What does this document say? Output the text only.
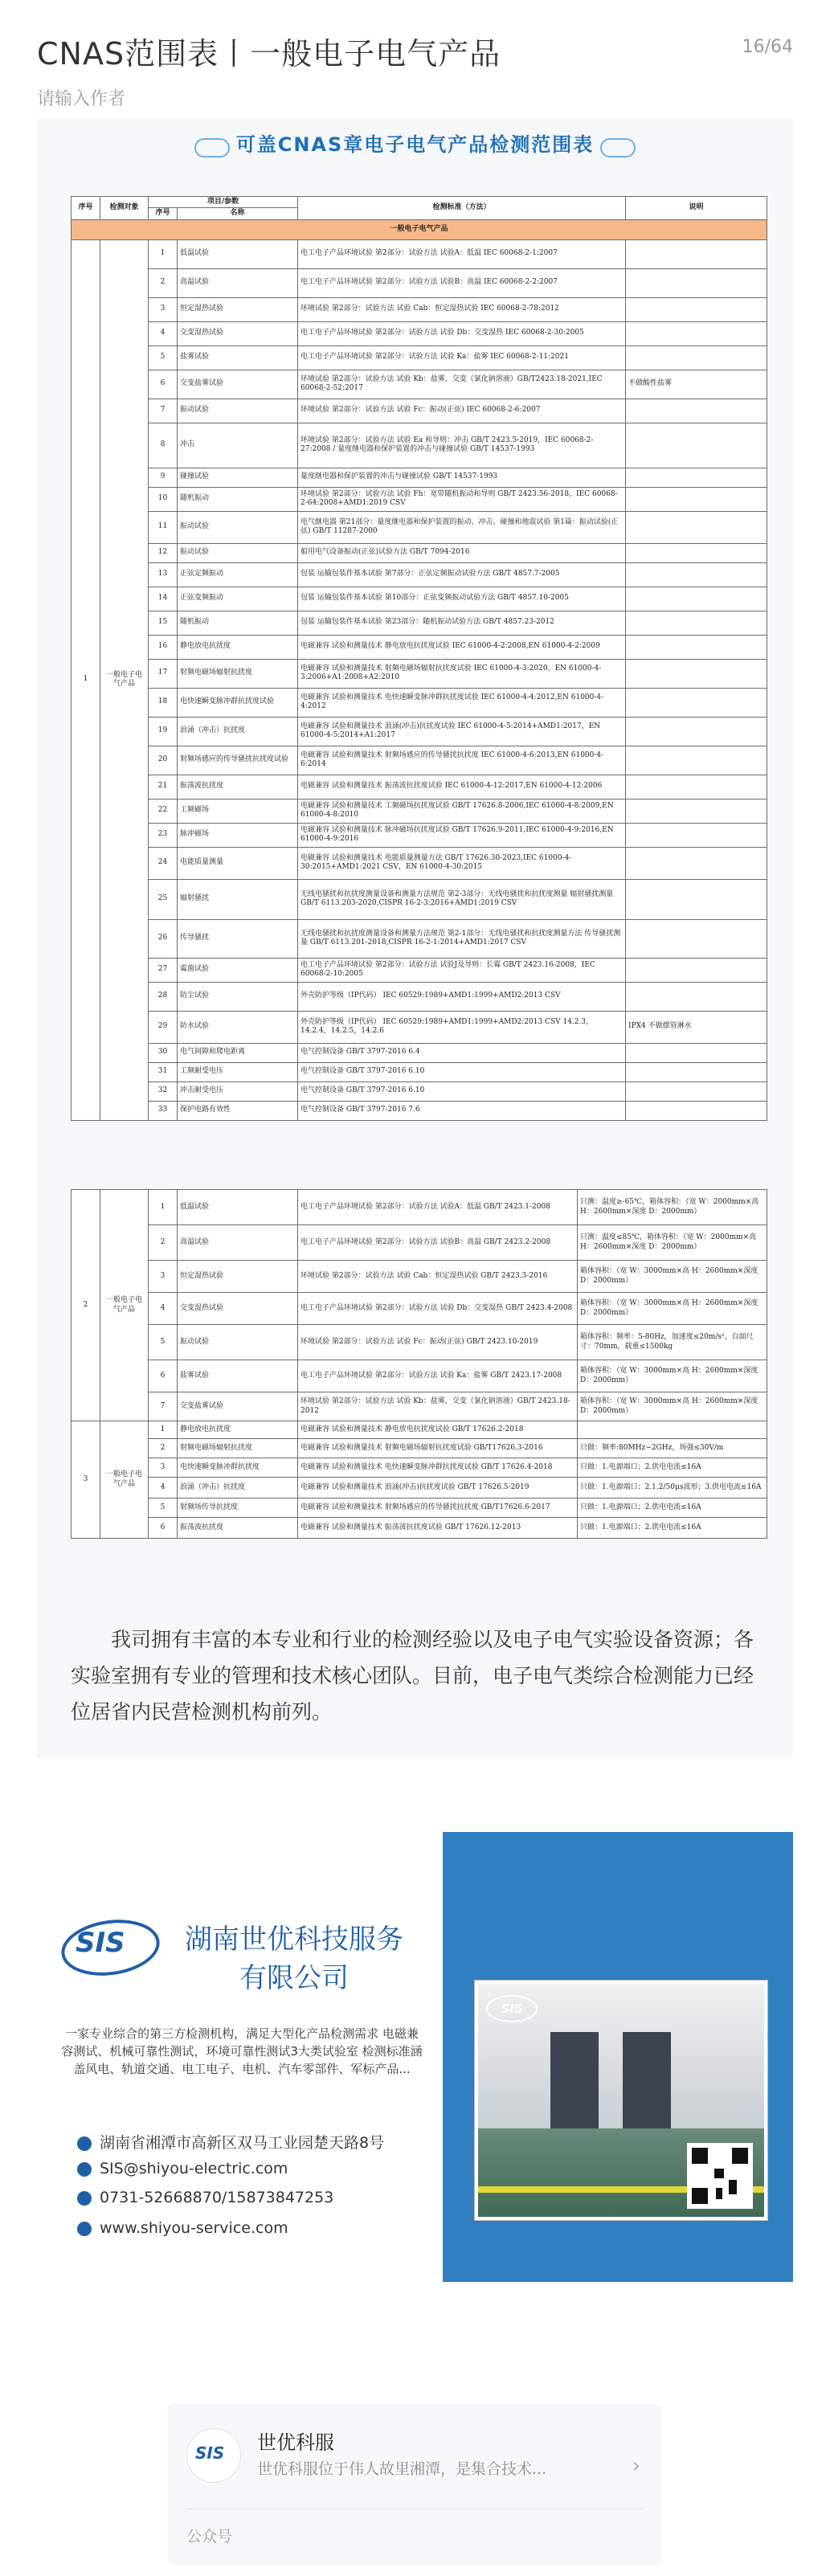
CNAS范围表丨一般电子电气产品	16/64
请输入作者
可盖CNAS章电子电气产品检测范围表
序号	检测对象	项目/参数		检测标准（方法）	说明
		序号	名称		
一般电子电气产品					
1	一般电子电气产品	1	低温试验	电工电子产品环境试验 第2部分：试验方法 试验A：低温 IEC 60068-2-1:2007	
		2	高温试验	电工电子产品环境试验 第2部分：试验方法 试验B：高温 IEC 60068-2-2:2007	
		3	恒定湿热试验	环境试验 第2部分：试验方法 试验 Cab：恒定湿热试验 IEC 60068-2-78:2012	
		4	交变湿热试验	电工电子产品环境试验 第2部分：试验方法 试验 Db：交变湿热 IEC 60068-2-30:2005	
		5	盐雾试验	电工电子产品环境试验 第2部分：试验方法 试验 Ka：盐雾 IEC 60068-2-11:2021	
		6	交变盐雾试验	环境试验 第2部分：试验方法 试验 Kb：盐雾，交变（氯化钠溶液）GB/T2423.18-2021,IEC 60068-2-52:2017	不做酸性盐雾
		7	振动试验	环境试验 第2部分：试验方法 试验 Fc：振动(正弦) IEC 60068-2-6:2007	
		8	冲击	环境试验 第2部分：试验方法 试验 Ea 和导则：冲击 GB/T 2423.5-2019，IEC 60068-2-27:2008 / 量度继电器和保护装置的冲击与碰撞试验 GB/T 14537-1993	
		9	碰撞试验	量度继电器和保护装置的冲击与碰撞试验 GB/T 14537-1993	
		10	随机振动	环境试验 第2部分：试验方法 试验 Fh：宽带随机振动和导则 GB/T 2423.56-2018，IEC 60068-2-64:2008+AMD1:2019 CSV	
		11	振动试验	电气继电器 第21部分：量度继电器和保护装置的振动、冲击、碰撞和地震试验 第1篇：振动试验(正弦) GB/T 11287-2000	
		12	振动试验	船用电气设备振动(正弦)试验方法 GB/T 7094-2016	
		13	正弦定频振动	包装 运输包装件基本试验 第7部分：正弦定频振动试验方法 GB/T 4857.7-2005	
		14	正弦变频振动	包装 运输包装件基本试验 第10部分：正弦变频振动试验方法 GB/T 4857.10-2005	
		15	随机振动	包装 运输包装件基本试验 第23部分：随机振动试验方法 GB/T 4857.23-2012	
		16	静电放电抗扰度	电磁兼容 试验和测量技术 静电放电抗扰度试验 IEC 61000-4-2:2008,EN 61000-4-2:2009	
		17	射频电磁场辐射抗扰度	电磁兼容 试验和测量技术 射频电磁场辐射抗扰度试验 IEC 61000-4-3:2020，EN 61000-4-3:2006+A1:2008+A2:2010	
		18	电快速瞬变脉冲群抗扰度试验	电磁兼容 试验和测量技术 电快速瞬变脉冲群抗扰度试验 IEC 61000-4-4:2012,EN 61000-4-4:2012	
		19	浪涌（冲击）抗扰度	电磁兼容 试验和测量技术 浪涌(冲击)抗扰度试验 IEC 61000-4-5:2014+AMD1:2017，EN 61000-4-5:2014+A1:2017	
		20	射频场感应的传导骚扰抗扰度试验	电磁兼容 试验和测量技术 射频场感应的传导骚扰抗扰度 IEC 61000-4-6:2013,EN 61000-4-6:2014	
		21	振荡波抗扰度	电磁兼容 试验和测量技术 振荡波抗扰度试验 IEC 61000-4-12:2017,EN 61000-4-12:2006	
		22	工频磁场	电磁兼容 试验和测量技术 工频磁场抗扰度试验 GB/T 17626.8-2006,IEC 61000-4-8:2009,EN 61000-4-8:2010	
		23	脉冲磁场	电磁兼容 试验和测量技术 脉冲磁场抗扰度试验 GB/T 17626.9-2011,IEC 61000-4-9:2016,EN 61000-4-9:2016	
		24	电能质量测量	电磁兼容 试验和测量技术 电能质量测量方法 GB/T 17626.30-2023,IEC 61000-4-30:2015+AMD1:2021 CSV，EN 61000-4-30:2015	
		25	辐射骚扰	无线电骚扰和抗扰度测量设备和测量方法规范 第2-3部分：无线电骚扰和抗扰度测量 辐射骚扰测量 GB/T 6113.203-2020,CISPR 16-2-3:2016+AMD1:2019 CSV	
		26	传导骚扰	无线电骚扰和抗扰度测量设备和测量方法规范 第2-1部分：无线电骚扰和抗扰度测量方法 传导骚扰测量 GB/T 6113.201-2018,CISPR 16-2-1:2014+AMD1:2017 CSV	
		27	霉菌试验	电工电子产品环境试验 第2部分：试验方法 试验J及导则：长霉 GB/T 2423.16-2008，IEC 60068-2-10:2005	
		28	防尘试验	外壳防护等级（IP代码） IEC 60529:1989+AMD1:1999+AMD2:2013 CSV	
		29	防水试验	外壳防护等级（IP代码） IEC 60529:1989+AMD1:1999+AMD2:2013 CSV 14.2.3，14.2.4，14.2.5，14.2.6	IPX4 不做摆管淋水
		30	电气间隙和爬电距离	电气控制设备 GB/T 3797-2016 6.4	
		31	工频耐受电压	电气控制设备 GB/T 3797-2016 6.10	
		32	冲击耐受电压	电气控制设备 GB/T 3797-2016 6.10	
		33	保护电路有效性	电气控制设备 GB/T 3797-2016 7.6	
2	一般电子电气产品	1	低温试验	电工电子产品环境试验 第2部分：试验方法 试验A：低温 GB/T 2423.1-2008	只测：温度≥-65℃，箱体容积：（宽 W：2000mm×高 H：2600mm×深度 D：2000mm）
		2	高温试验	电工电子产品环境试验 第2部分：试验方法 试验B：高温 GB/T 2423.2-2008	只测：温度≤85℃，箱体容积：（宽 W：2000mm×高 H：2600mm×深度 D：2000mm）
		3	恒定湿热试验	环境试验 第2部分：试验方法 试验 Cab：恒定湿热试验 GB/T 2423.3-2016	箱体容积：（宽 W：3000mm×高 H：2600mm×深度 D：2000mm）
		4	交变湿热试验	电工电子产品环境试验 第2部分：试验方法 试验 Db：交变湿热 GB/T 2423.4-2008	箱体容积：（宽 W：3000mm×高 H：2600mm×深度 D：2000mm）
		5	振动试验	环境试验 第2部分：试验方法 试验 Fc：振动(正弦) GB/T 2423.10-2019	箱体容积：频率：5-80Hz，加速度≤20m/s²，台面尺寸：70mm，载重≤1500kg
		6	盐雾试验	电工电子产品环境试验 第2部分：试验方法 试验 Ka：盐雾 GB/T 2423.17-2008	箱体容积：（宽 W：3000mm×高 H：2600mm×深度 D：2000mm）
		7	交变盐雾试验	环境试验 第2部分：试验方法 试验 Kb：盐雾，交变（氯化钠溶液）GB/T 2423.18-2012	箱体容积：（宽 W：3000mm×高 H：2600mm×深度 D：2000mm）
3	一般电子电气产品	1	静电放电抗扰度	电磁兼容 试验和测量技术 静电放电抗扰度试验 GB/T 17626.2-2018	
		2	射频电磁场辐射抗扰度	电磁兼容 试验和测量技术 射频电磁场辐射抗扰度试验 GB/T17626.3-2016	只做：频率:80MHz~2GHz，场强≤30V/m
		3	电快速瞬变脉冲群抗扰度	电磁兼容 试验和测量技术 电快速瞬变脉冲群抗扰度试验 GB/T 17626.4-2018	只做：1.电源端口；2.供电电流≤16A
		4	浪涌（冲击）抗扰度	电磁兼容 试验和测量技术 浪涌(冲击)抗扰度试验 GB/T 17626.5-2019	只做：1.电源端口；2.1.2/50μs波形；3.供电电流≤16A
		5	射频场传导抗扰度	电磁兼容 试验和测量技术 射频场感应的传导骚扰抗扰度 GB/T17626.6-2017	只做：1.电源端口；2.供电电流≤16A
		6	振荡波抗扰度	电磁兼容 试验和测量技术 振荡波抗扰度试验 GB/T 17626.12-2013	只做：1.电源端口；2.供电电流≤16A
我司拥有丰富的本专业和行业的检测经验以及电子电气实验设备资源；各实验室拥有专业的管理和技术核心团队。目前，电子电气类综合检测能力已经位居省内民营检测机构前列。
SIS	湖南世优科技服务
有限公司
一家专业综合的第三方检测机构，满足大型化产品检测需求 电磁兼容测试、机械可靠性测试，环境可靠性测试3大类试验室 检测标准涵盖风电、轨道交通、电工电子、电机、汽车零部件、军标产品...
湖南省湘潭市高新区双马工业园楚天路8号
SIS@shiyou-electric.com
0731-52668870/15873847253
www.shiyou-service.com
SIS
SIS 世优科服
世优科服位于伟人故里湘潭，是集合技术...	›
公众号
